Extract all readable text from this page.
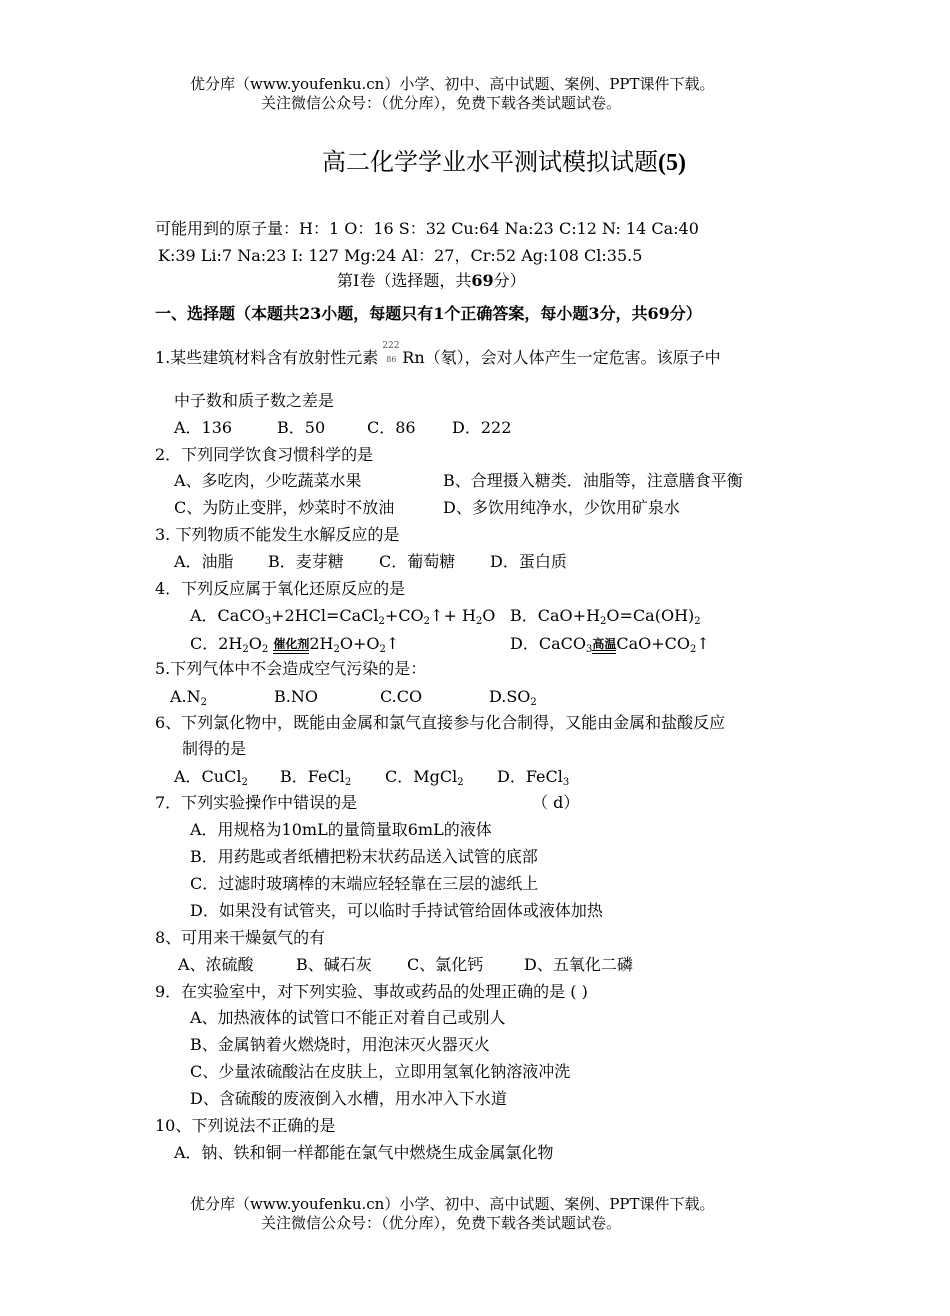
优分库（www.youfenku.cn）小学、初中、高中试题、案例、PPT课件下载。
关注微信公众号：（优分库），免费下载各类试题试卷。
高二化学学业水平测试模拟试题(5)
可能用到的原子量：H：1 O：16 S：32 Cu:64 Na:23 C:12 N: 14 Ca:40
K:39 Li:7 Na:23 I: 127 Mg:24 Al：27，Cr:52 Ag:108 Cl:35.5
第Ⅰ卷（选择题，共69分）
一、选择题（本题共23小题，每题只有1个正确答案，每小题3分，共69分）
1.某些建筑材料含有放射性元素
222
86 Rn（氡），会对人体产生一定危害。该原子中
中子数和质子数之差是
A．136	B．50	C．86 D．222
2．下列同学饮食习惯科学的是
A、多吃肉，少吃蔬菜水果	B、合理摄入糖类．油脂等，注意膳食平衡
C、为防止变胖，炒菜时不放油	D、多饮用纯净水，少饮用矿泉水
3. 下列物质不能发生水解反应的是
A．油脂 B．麦芽糖 C．葡萄糖 D．蛋白质
4．下列反应属于氧化还原反应的是
A．$CaCO_3+2HCl=CaCl_2+CO_2↑+ H_2O$ B．$CaO+H_2O=Ca(OH)_2$
C．$2H_2O_2$ 催化剂 $2H_2O+O_2↑$	D．CaCO$_3$ 高温 $CaO+CO_2↑$
5.下列气体中不会造成空气污染的是：
$A.N_2$	B.NO	C.CO	$D.SO_2$
6、下列氯化物中，既能由金属和氯气直接参与化合制得，又能由金属和盐酸反应
制得的是
A．CuCl$_2$ B．FeCl$_2$ C．MgCl$_2$ D．FeCl$_3$
7．下列实验操作中错误的是	（ d）
A．用规格为10mL的量筒量取6mL的液体
B．用药匙或者纸槽把粉末状药品送入试管的底部
C．过滤时玻璃棒的末端应轻轻靠在三层的滤纸上
D．如果没有试管夹，可以临时手持试管给固体或液体加热
8、可用来干燥氨气的有
A、浓硫酸	B、碱石灰 C、氯化钙	D、五氧化二磷
9．在实验室中，对下列实验、事故或药品的处理正确的是 ( )
A、加热液体的试管口不能正对着自己或别人
B、金属钠着火燃烧时，用泡沫灭火器灭火
C、少量浓硫酸沾在皮肤上，立即用氢氧化钠溶液冲洗
D、含硫酸的废液倒入水槽，用水冲入下水道
10、下列说法不正确的是
A．钠、铁和铜一样都能在氯气中燃烧生成金属氯化物
优分库（www.youfenku.cn）小学、初中、高中试题、案例、PPT课件下载。
关注微信公众号：（优分库），免费下载各类试题试卷。
